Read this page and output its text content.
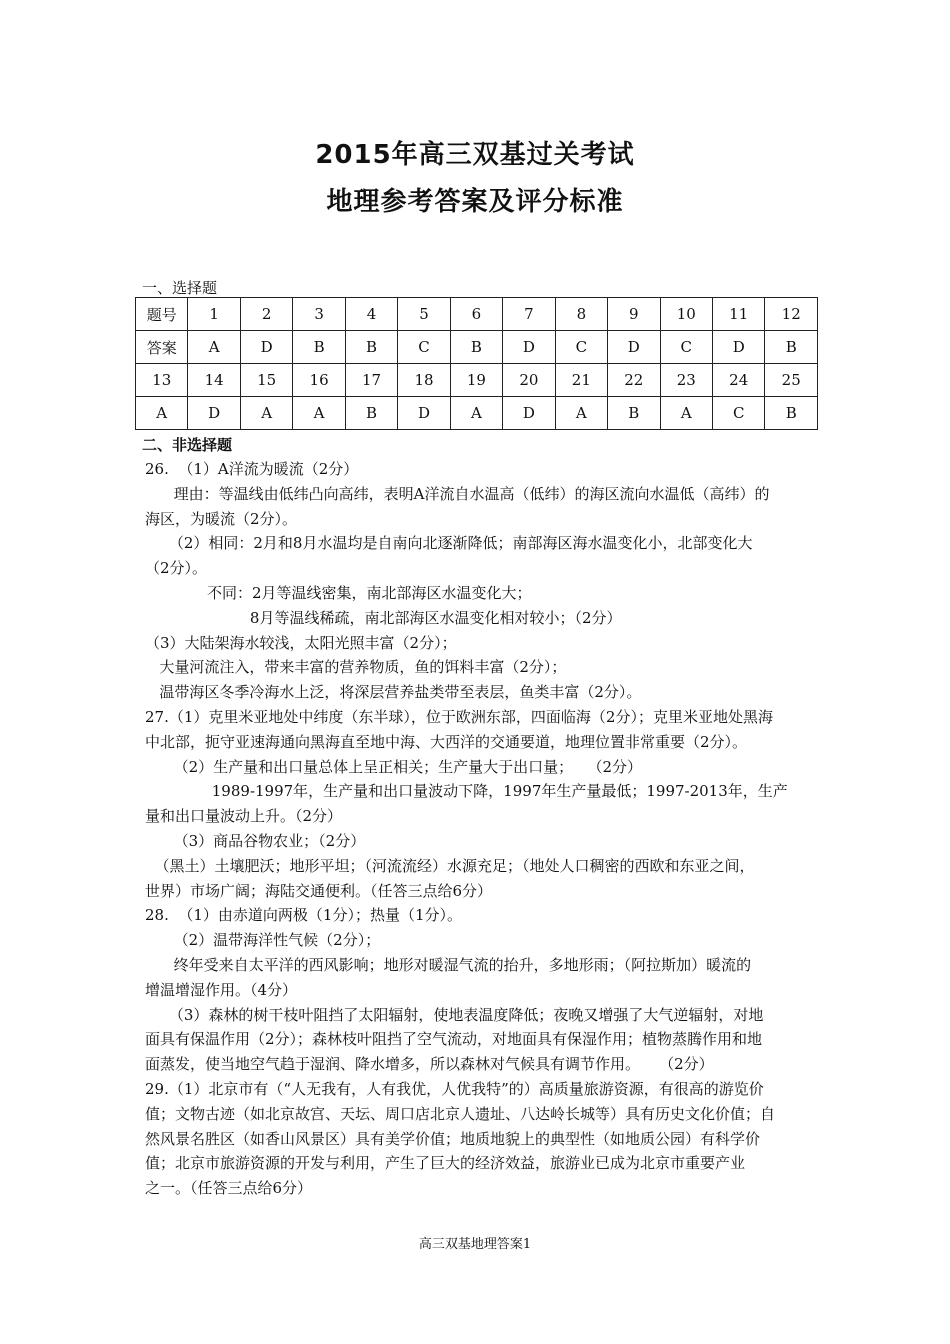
2015年高三双基过关考试
地理参考答案及评分标准
一、选择题
题号	1	2	3	4	5	6	7	8	9	10	11	12
答案	A	D	B	B	C	B	D	C	D	C	D	B
13	14	15	16	17	18	19	20	21	22	23	24	25
A	D	A	A	B	D	A	D	A	B	A	C	B
二、非选择题

26.  （1）A洋流为暖流（2分）

理由：等温线由低纬凸向高纬，表明A洋流自水温高（低纬）的海区流向水温低（高纬）的

海区，为暖流（2分）。

（2）相同：2月和8月水温均是自南向北逐渐降低；南部海区海水温变化小，北部变化大

（2分）。

不同：2月等温线密集，南北部海区水温变化大；

8月等温线稀疏，南北部海区水温变化相对较小；（2分）

（3）大陆架海水较浅，太阳光照丰富（2分）；

大量河流注入，带来丰富的营养物质，鱼的饵料丰富（2分）；

温带海区冬季冷海水上泛，将深层营养盐类带至表层，鱼类丰富（2分）。

27.（1）克里米亚地处中纬度（东半球），位于欧洲东部，四面临海（2分）；克里米亚地处黑海

中北部，扼守亚速海通向黑海直至地中海、大西洋的交通要道，地理位置非常重要（2分）。

（2）生产量和出口量总体上呈正相关；生产量大于出口量；   （2分）

1989-1997年，生产量和出口量波动下降，1997年生产量最低；1997-2013年，生产

量和出口量波动上升。（2分）

（3）商品谷物农业；（2分）

（黑土）土壤肥沃；地形平坦；（河流流经）水源充足；（地处人口稠密的西欧和东亚之间，

世界）市场广阔；海陆交通便利。（任答三点给6分）

28.  （1）由赤道向两极（1分）；热量（1分）。

（2）温带海洋性气候（2分）；

终年受来自太平洋的西风影响；地形对暖湿气流的抬升，多地形雨；（阿拉斯加）暖流的

增温增湿作用。（4分）

（3）森林的树干枝叶阻挡了太阳辐射，使地表温度降低；夜晚又增强了大气逆辐射，对地

面具有保温作用（2分）；森林枝叶阻挡了空气流动，对地面具有保湿作用；植物蒸腾作用和地

面蒸发，使当地空气趋于湿润、降水增多，所以森林对气候具有调节作用。    （2分）

29.（1）北京市有（“人无我有，人有我优，人优我特”的）高质量旅游资源，有很高的游览价

值；文物古迹（如北京故宫、天坛、周口店北京人遗址、八达岭长城等）具有历史文化价值；自

然风景名胜区（如香山风景区）具有美学价值；地质地貌上的典型性（如地质公园）有科学价

值；北京市旅游资源的开发与利用，产生了巨大的经济效益，旅游业已成为北京市重要产业

之一。（任答三点给6分）

高三双基地理答案1
